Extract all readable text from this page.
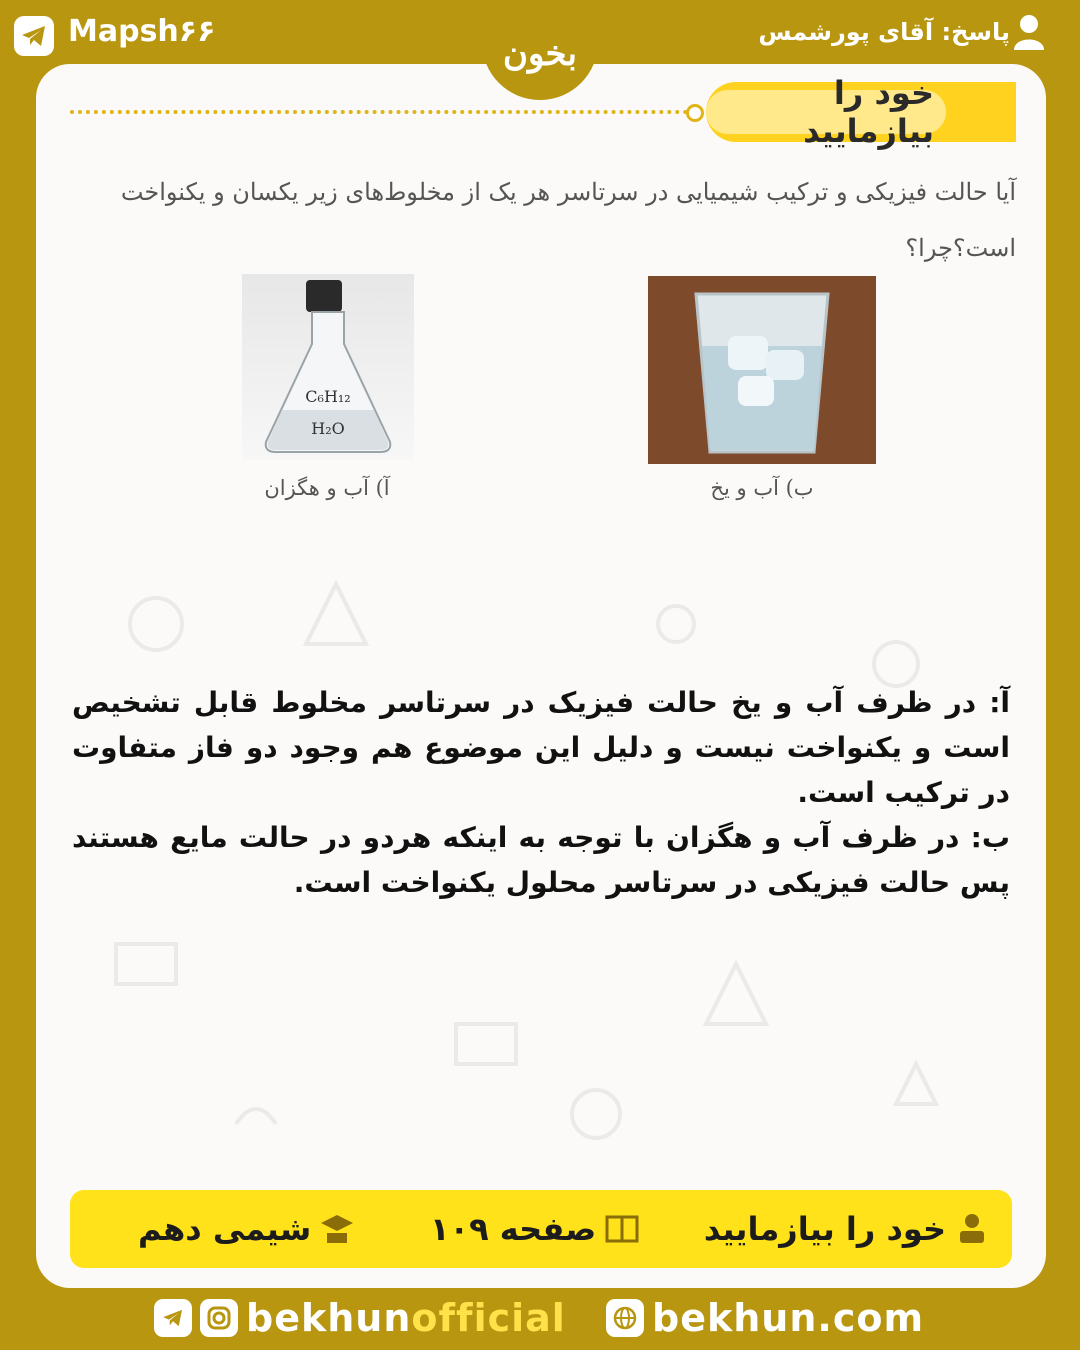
Mapsh۶۶	پاسخ: آقای پورشمس
بخون
خود را بیازمایید
آیا حالت فیزیکی و ترکیب شیمیایی در سرتاسر هر یک از مخلوط‌های زیر یکسان و یکنواخت است؟چرا؟
C₆H₁₂
H₂O
آ) آب و هگزان	ب) آب و یخ

آ: در ظرف آب و یخ حالت فیزیک در سرتاسر مخلوط قابل تشخیص است و یکنواخت نیست و دلیل این موضوع هم وجود دو فاز متفاوت در ترکیب است.

ب: در ظرف آب و هگزان با توجه به اینکه هردو در حالت مایع هستند پس حالت فیزیکی در سرتاسر محلول یکنواخت است.

خود را بیازمایید
صفحه ۱۰۹
شیمی دهم
bekhunofficial bekhun.com
